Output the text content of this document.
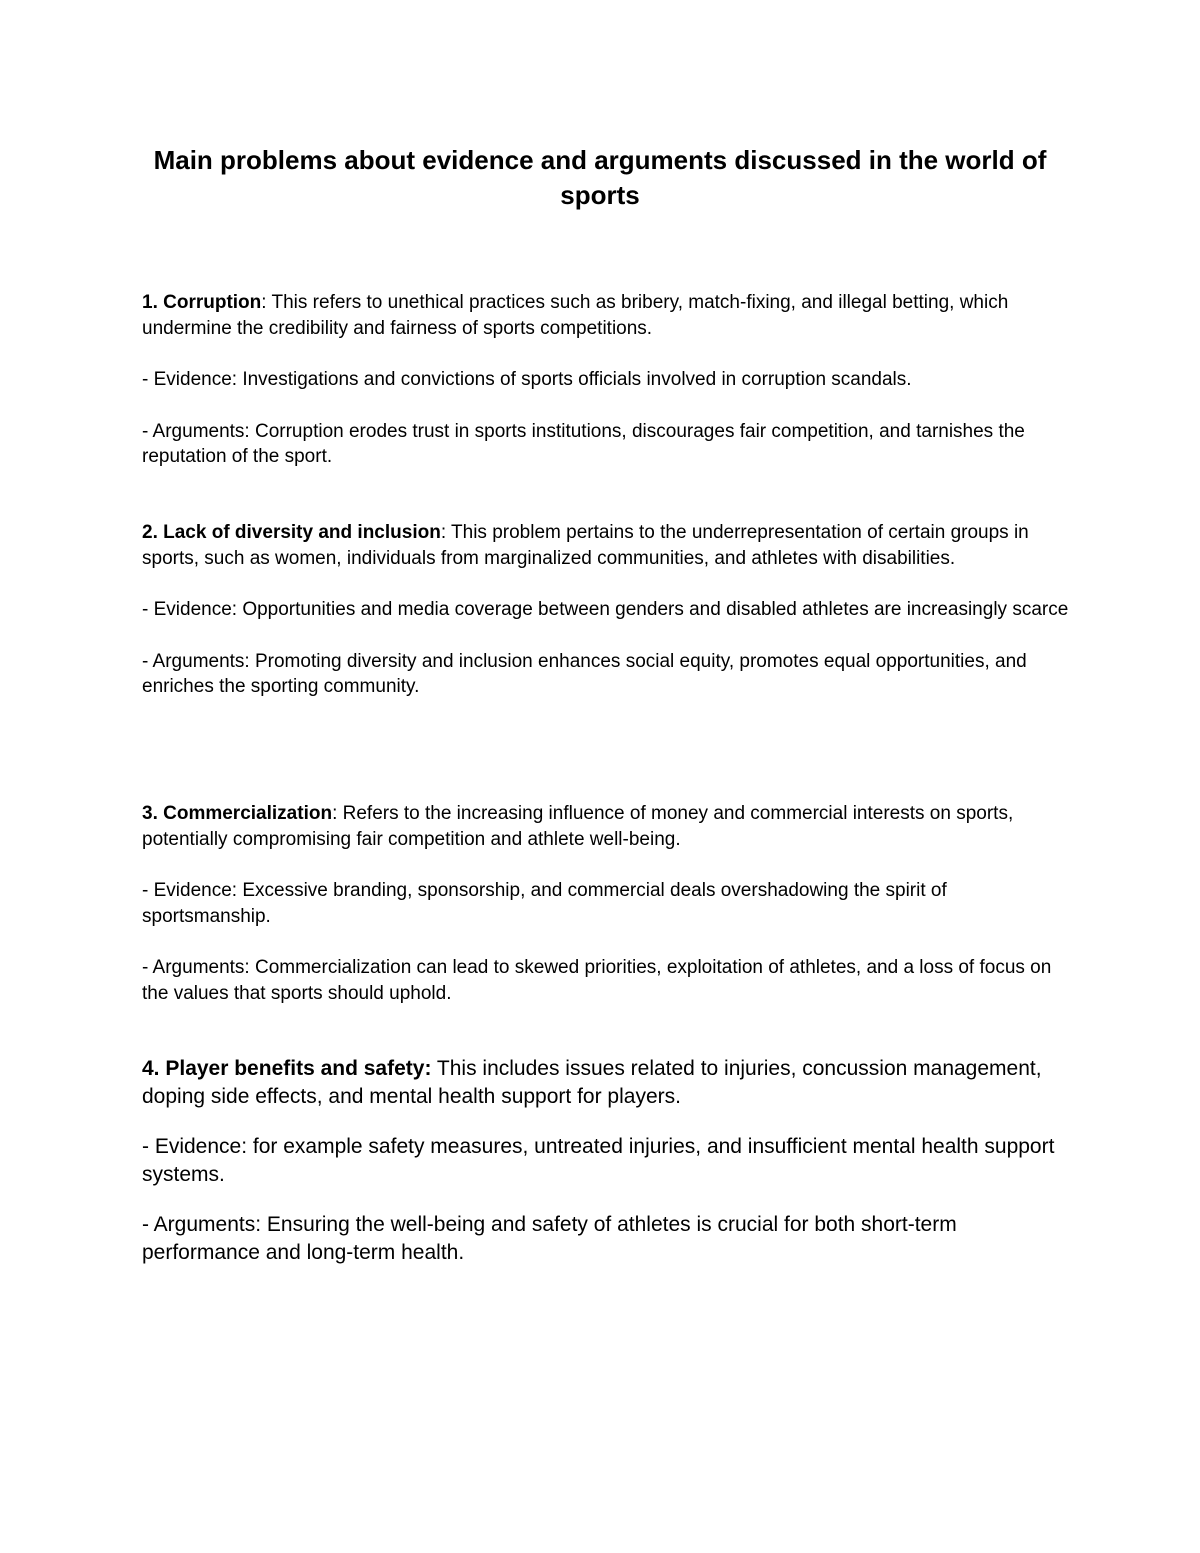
Main problems about evidence and arguments discussed in the world of sports

1. Corruption: This refers to unethical practices such as bribery, match-fixing, and illegal betting, which undermine the credibility and fairness of sports competitions.

- Evidence: Investigations and convictions of sports officials involved in corruption scandals.

- Arguments: Corruption erodes trust in sports institutions, discourages fair competition, and tarnishes the reputation of the sport.

2. Lack of diversity and inclusion: This problem pertains to the underrepresentation of certain groups in sports, such as women, individuals from marginalized communities, and athletes with disabilities.

- Evidence: Opportunities and media coverage between genders and disabled athletes are increasingly scarce

- Arguments: Promoting diversity and inclusion enhances social equity, promotes equal opportunities, and enriches the sporting community.

3. Commercialization: Refers to the increasing influence of money and commercial interests on sports, potentially compromising fair competition and athlete well-being.

- Evidence: Excessive branding, sponsorship, and commercial deals overshadowing the spirit of sportsmanship.

- Arguments: Commercialization can lead to skewed priorities, exploitation of athletes, and a loss of focus on the values that sports should uphold.

4. Player benefits and safety: This includes issues related to injuries, concussion management, doping side effects, and mental health support for players.

- Evidence: for example safety measures, untreated injuries, and insufficient mental health support systems.

- Arguments: Ensuring the well-being and safety of athletes is crucial for both short-term performance and long-term health.
